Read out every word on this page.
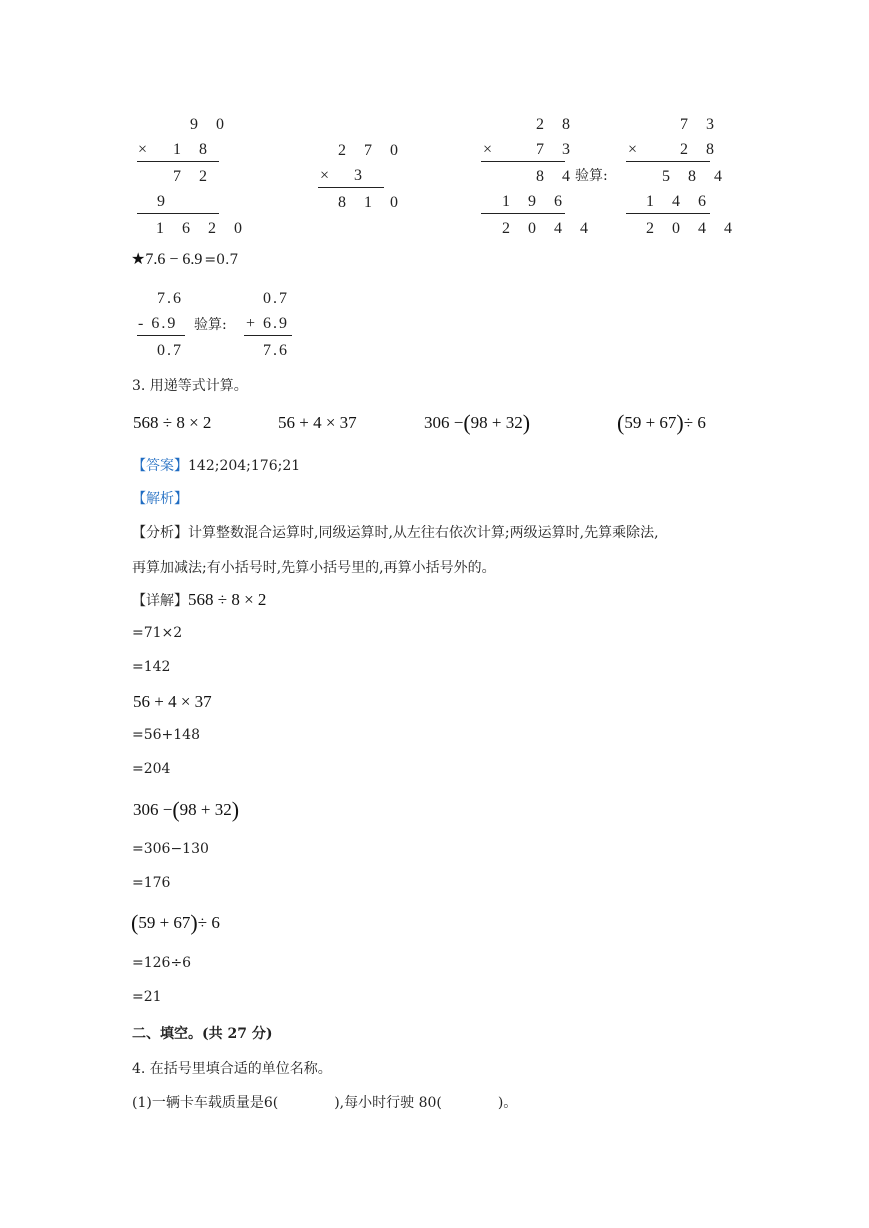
9 0
× 1 8
7 2
9
1 6 2 0
2 7 0
× 3
8 1 0
2 8
×	7 3
8 4
1 9 6
2 0 4 4
验算:
7 3
×	2 8
5 8 4
1 4 6
2 0 4 4
★7.6 − 6.9 =0.7
7.6
- 6.9
0.7
验算:
0.7
+ 6.9
7.6
3. 用递等式计算。
568 ÷ 8 × 2	56 + 4 × 37	306 −(98 + 32)	(59 + 67)÷ 6
【答案】142;204;176;21
【解析】
【分析】计算整数混合运算时,同级运算时,从左往右依次计算;两级运算时,先算乘除法,
再算加减法;有小括号时,先算小括号里的,再算小括号外的。
【详解】568 ÷ 8 × 2
=71×2
=142
56 + 4 × 37
=56+148
=204
306 −(98 + 32)
=306−130
=176
(59 + 67)÷ 6
=126÷6
=21
二、填空。(共 27 分)
4. 在括号里填合适的单位名称。
(1)一辆卡车载质量是6(	),每小时行驶 80(	)。
